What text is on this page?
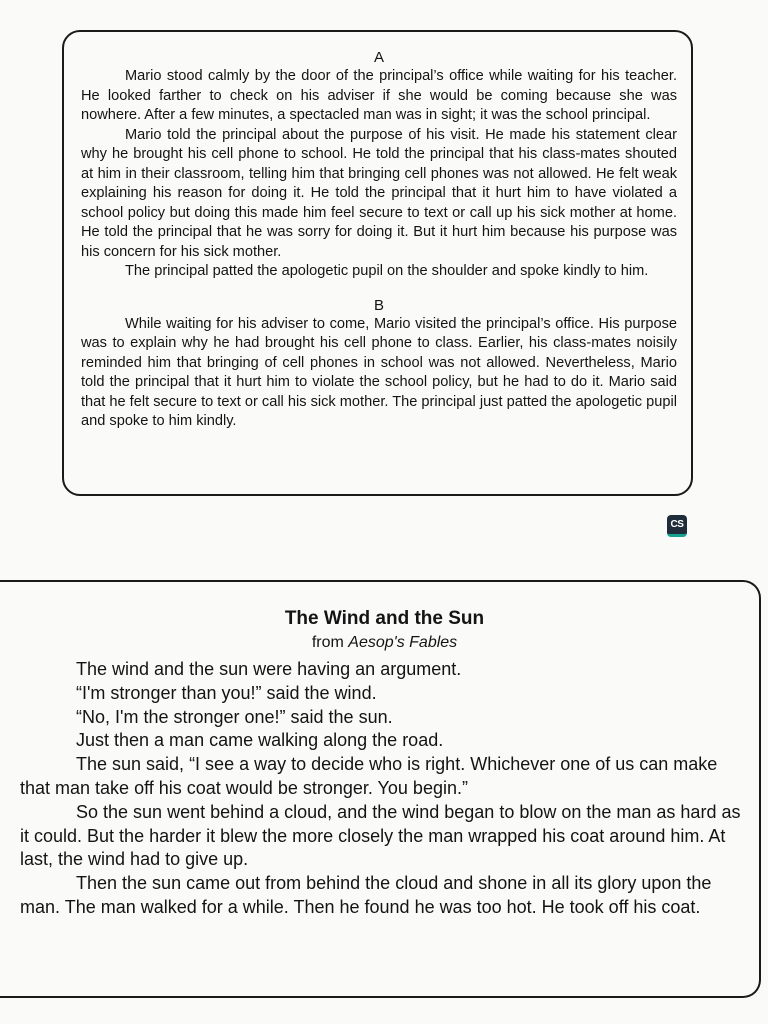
A

Mario stood calmly by the door of the principal’s office while waiting for his teacher. He looked farther to check on his adviser if she would be coming because she was nowhere. After a few minutes, a spectacled man was in sight; it was the school principal.

Mario told the principal about the purpose of his visit. He made his statement clear why he brought his cell phone to school. He told the principal that his class-mates shouted at him in their classroom, telling him that bringing cell phones was not allowed. He felt weak explaining his reason for doing it. He told the principal that it hurt him to have violated a school policy but doing this made him feel secure to text or call up his sick mother at home. He told the principal that he was sorry for doing it. But it hurt him because his purpose was his concern for his sick mother.

The principal patted the apologetic pupil on the shoulder and spoke kindly to him.

B

While waiting for his adviser to come, Mario visited the principal’s office. His purpose was to explain why he had brought his cell phone to class. Earlier, his class-mates noisily reminded him that bringing of cell phones in school was not allowed. Nevertheless, Mario told the principal that it hurt him to violate the school policy, but he had to do it. Mario said that he felt secure to text or call his sick mother. The principal just patted the apologetic pupil and spoke to him kindly.

CS
The Wind and the Sun
from Aesop's Fables

The wind and the sun were having an argument.

“I'm stronger than you!” said the wind.

“No, I'm the stronger one!” said the sun.

Just then a man came walking along the road.

The sun said, “I see a way to decide who is right. Whichever one of us can make that man take off his coat would be stronger. You begin.”

So the sun went behind a cloud, and the wind began to blow on the man as hard as it could. But the harder it blew the more closely the man wrapped his coat around him. At last, the wind had to give up.

Then the sun came out from behind the cloud and shone in all its glory upon the man. The man walked for a while. Then he found he was too hot. He took off his coat.
